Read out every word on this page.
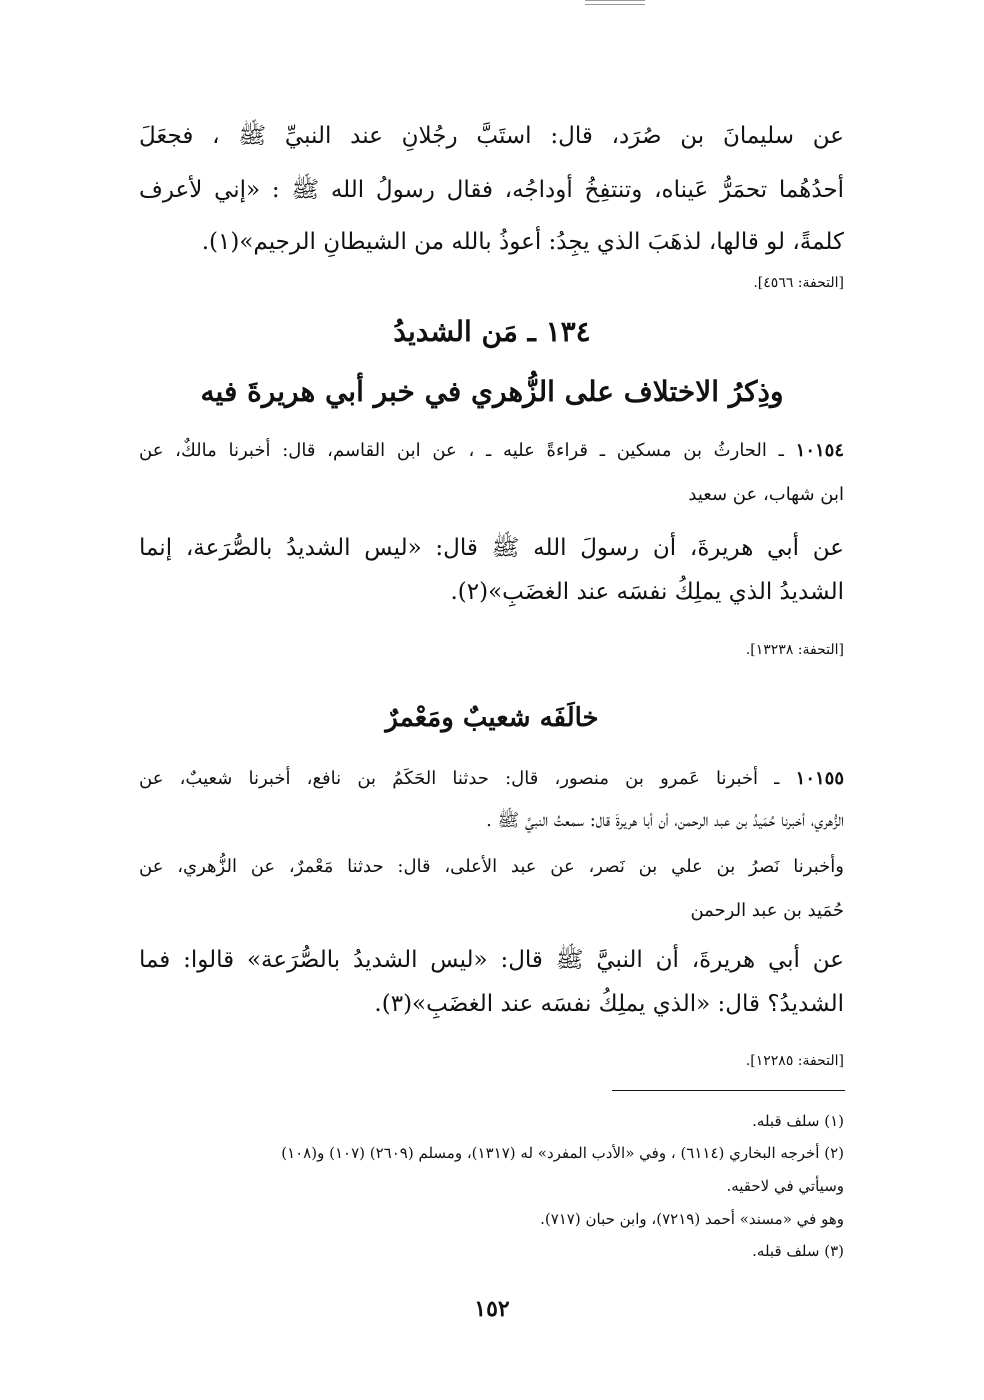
عن سليمانَ بن صُرَد، قال: استَبَّ رجُلانِ عند النبيِّ ﷺ ، فجعَلَ
أحدُهُما تحمَرُّ عَيناه، وتنتفِخُ أوداجُه، فقال رسولُ الله ﷺ : «إني لأعرف
كلمةً، لو قالها، لذهَبَ الذي يجِدُ: أعوذُ بالله من الشيطانِ الرجيم»(١).
[التحفة: ٤٥٦٦].
١٣٤ ـ مَن الشديدُ
وذِكرُ الاختلاف على الزُّهري في خبر أبي هريرةَ فيه
١٠١٥٤ ـ الحارثُ بن مسكين ـ قراءةً عليه ـ ، عن ابن القاسم، قال: أخبرنا مالكٌ، عن
ابن شهاب، عن سعيد
عن أبي هريرةَ، أن رسولَ الله ﷺ قال: «ليس الشديدُ بالصُّرَعة، إنما
الشديدُ الذي يملِكُ نفسَه عند الغضَبِ»(٢).
[التحفة: ١٣٢٣٨].
خالَفَه شعيبٌ ومَعْمرٌ
١٠١٥٥ ـ أخبرنا عَمرو بن منصور، قال: حدثنا الحَكَمُ بن نافع، أخبرنا شعيبٌ، عن
الزُّهري، أخبرنا حُمَيدُ بن عبد الرحمن، أن أبا هريرةَ قال: سمعتُ النبيَّ ﷺ .
وأخبرنا نَصرُ بن علي بن نَصر، عن عبد الأعلى، قال: حدثنا مَعْمرٌ، عن الزُّهري، عن
حُمَيد بن عبد الرحمن
عن أبي هريرةَ، أن النبيَّ ﷺ قال: «ليس الشديدُ بالصُّرَعة» قالوا: فما
الشديدُ؟ قال: «الذي يملِكُ نفسَه عند الغضَبِ»(٣).
[التحفة: ١٢٢٨٥].
(١) سلف قبله.
(٢) أخرجه البخاري (٦١١٤) ، وفي «الأدب المفرد» له (١٣١٧)، ومسلم (٢٦٠٩) (١٠٧) و(١٠٨)
وسيأتي في لاحقيه.
وهو في «مسند» أحمد (٧٢١٩)، وابن حبان (٧١٧).
(٣) سلف قبله.
١٥٢
